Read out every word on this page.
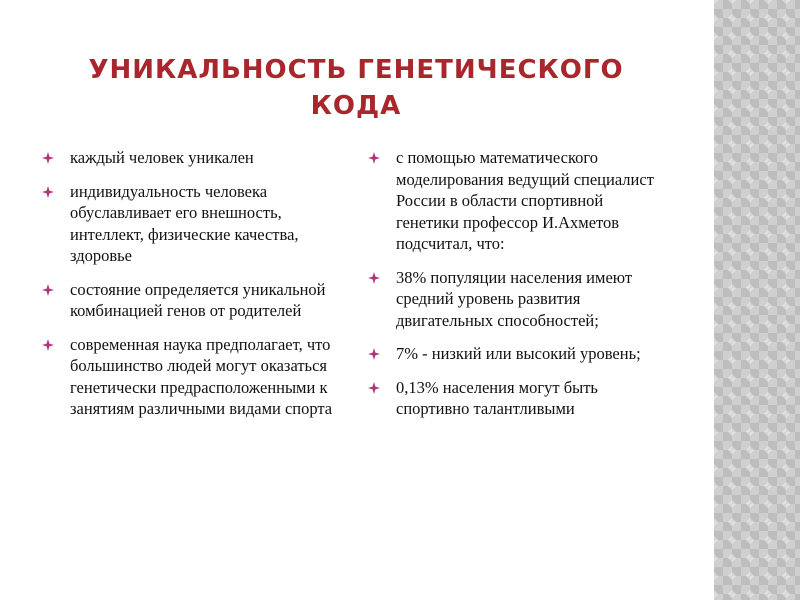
УНИКАЛЬНОСТЬ ГЕНЕТИЧЕСКОГО КОДА
каждый человек уникален
индивидуальность человека обуславливает его внешность, интеллект, физические качества, здоровье
состояние определяется уникальной комбинацией генов от родителей
современная наука предполагает, что большинство людей могут оказаться генетически предрасположенными к занятиям различными видами спорта
с помощью математического моделирования ведущий специалист России в области спортивной генетики профессор И.Ахметов подсчитал, что:
38% популяции населения имеют средний уровень развития двигательных способностей;
7% - низкий или высокий уровень;
0,13% населения могут быть спортивно талантливыми
